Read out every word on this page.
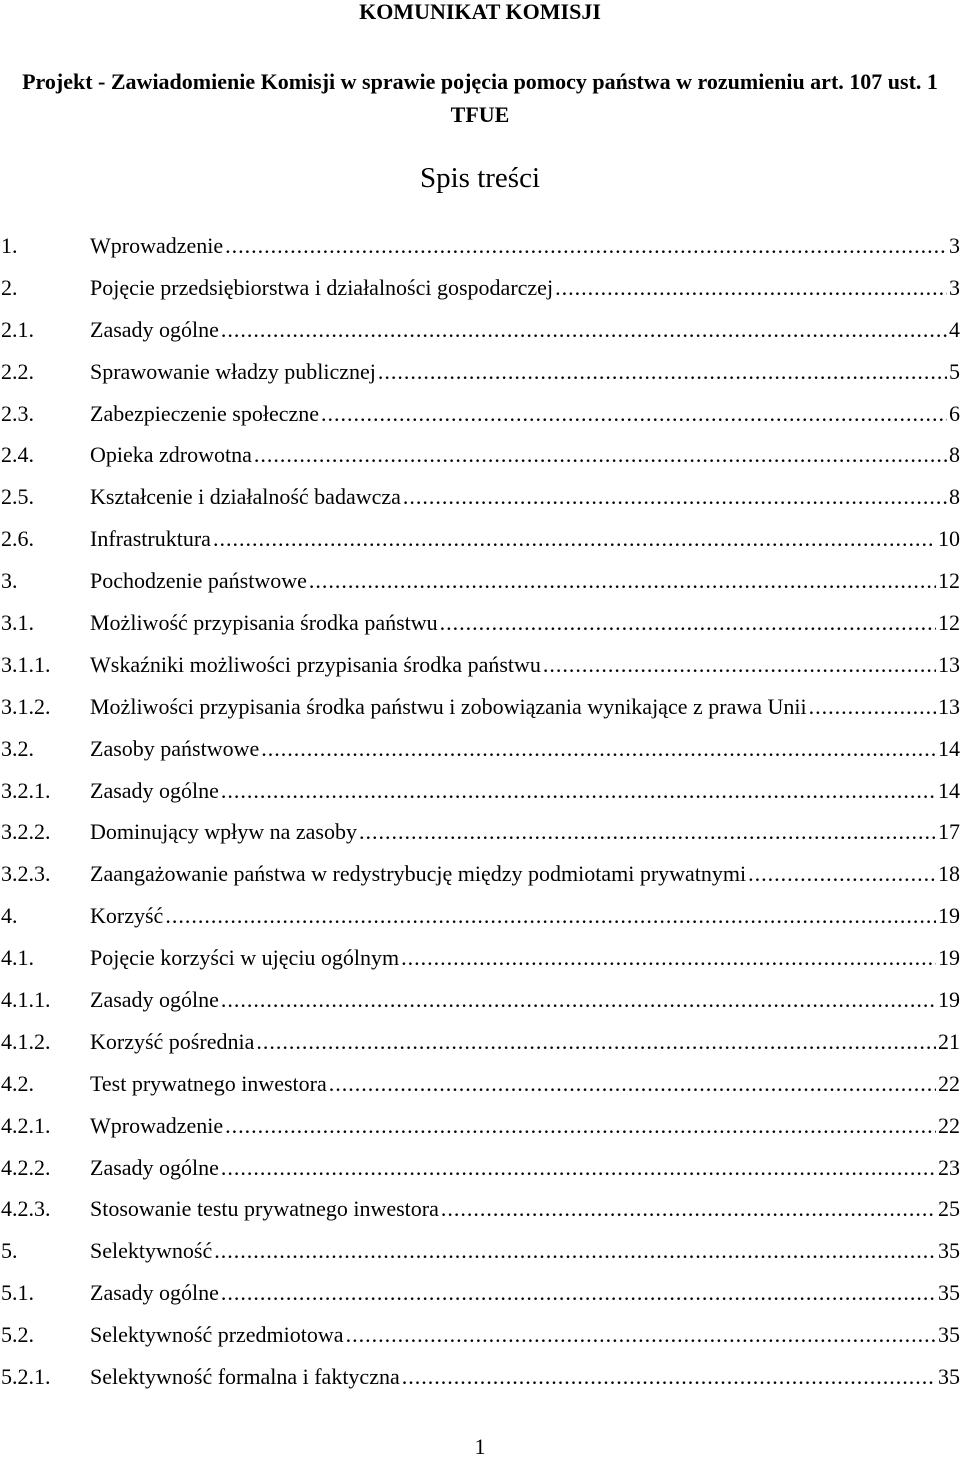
KOMUNIKAT KOMISJI
Projekt - Zawiadomienie Komisji w sprawie pojęcia pomocy państwa w rozumieniu art. 107 ust. 1 TFUE
Spis treści
1.	Wprowadzenie .....	3
2.	Pojęcie przedsiębiorstwa i działalności gospodarczej .....	3
2.1.	Zasady ogólne .....	4
2.2.	Sprawowanie władzy publicznej .....	5
2.3.	Zabezpieczenie społeczne .....	6
2.4.	Opieka zdrowotna .....	8
2.5.	Kształcenie i działalność badawcza .....	8
2.6.	Infrastruktura .....	10
3.	Pochodzenie państwowe .....	12
3.1.	Możliwość przypisania środka państwu .....	12
3.1.1. Wskaźniki możliwości przypisania środka państwu .....	13
3.1.2. Możliwości przypisania środka państwu i zobowiązania wynikające z prawa Unii .....	13
3.2.	Zasoby państwowe .....	14
3.2.1. Zasady ogólne .....	14
3.2.2. Dominujący wpływ na zasoby .....	17
3.2.3. Zaangażowanie państwa w redystrybucję między podmiotami prywatnymi .....	18
4.	Korzyść .....	19
4.1.	Pojęcie korzyści w ujęciu ogólnym .....	19
4.1.1. Zasady ogólne .....	19
4.1.2. Korzyść pośrednia .....	21
4.2.	Test prywatnego inwestora .....	22
4.2.1. Wprowadzenie .....	22
4.2.2. Zasady ogólne .....	23
4.2.3. Stosowanie testu prywatnego inwestora .....	25
5.	Selektywność .....	35
5.1.	Zasady ogólne .....	35
5.2.	Selektywność przedmiotowa .....	35
5.2.1. Selektywność formalna i faktyczna .....	35
1
